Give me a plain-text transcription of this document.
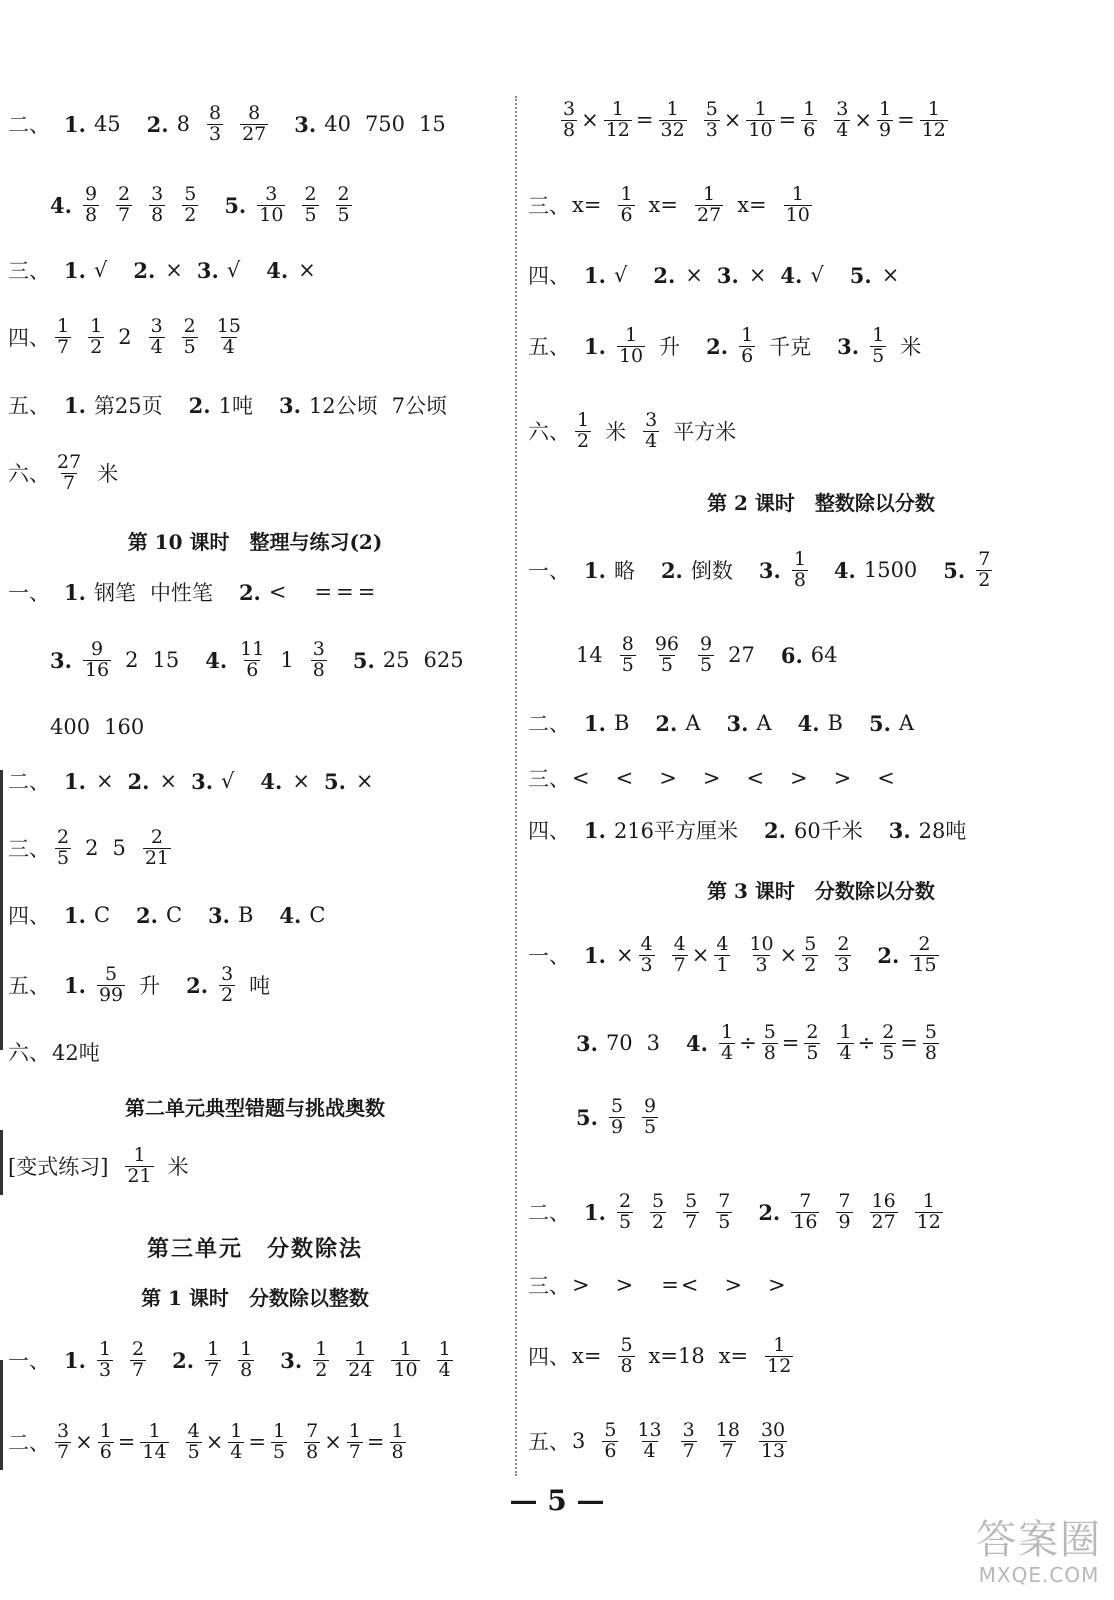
二、 1. 45 2. $8 \frac{8}{3} \frac{8}{27} 3$. 40 750 15
4. $\frac{9}{8} \frac{2}{7} \frac{3}{8} \frac{5}{2} 5$. $\frac{3}{10} \frac{2}{5} \frac{2}{5}$
三、 1. √ 2. × 3. √ 4. ×
四、 $\frac{1}{7} \frac{1}{2} 2 \frac{3}{4} \frac{2}{5} \frac{15}{4}$
五、 1. 第25页 2. 1吨 3. 12公顷 7公顷
六、 $\frac{27}{7}$ 米
第 10 课时　整理与练习(2)
一、 1. 钢笔 中性笔 2. < = = =
3. $\frac{9}{16} 2$ 15 4. $\frac{11}{6} 1 \frac{3}{8} 5$. 25 625
400 160
二、 1. × 2. × 3. √ 4. × 5. ×
三、 $\frac{2}{5} 2$ $5 \frac{2}{21}$
四、 1. C 2. C 3. B 4. C
五、 1. $\frac{5}{99}$ 升 2. $\frac{3}{2}$ 吨
六、 42吨
第二单元典型错题与挑战奥数
[变式练习] $\frac{1}{21}$ 米
第三单元　分数除法
第 1 课时　分数除以整数
一、 1. $\frac{1}{3} \frac{2}{7} 2$. $\frac{1}{7} \frac{1}{8} 3$. $\frac{1}{2} \frac{1}{24} \frac{1}{10} \frac{1}{4}$
二、 $\frac{3}{7} \times \frac{1}{6} = \frac{1}{14} \frac{4}{5} \times \frac{1}{4} = \frac{1}{5} \frac{7}{8} \times \frac{1}{7} = \frac{1}{8}$
$\frac{3}{8} \times \frac{1}{12} = \frac{1}{32} \frac{5}{3} \times \frac{1}{10} = \frac{1}{6} \frac{3}{4} \times \frac{1}{9} = \frac{1}{12}$
三、 $x= \frac{1}{6} x= \frac{1}{27} x= \frac{1}{10}$
四、 1. √ 2. × 3. × 4. √ 5. ×
五、 1. $\frac{1}{10}$ 升 2. $\frac{1}{6}$ 千克 3. $\frac{1}{5}$ 米
六、 $\frac{1}{2}$ 米 $\frac{3}{4}$ 平方米
第 2 课时　整数除以分数
一、 1. 略 2. 倒数 3. $\frac{1}{8} 4$. 1500 5. $\frac{7}{2}$
$14 \frac{8}{5} \frac{96}{5} \frac{9}{5} 27$ 6. 64
二、 1. B 2. A 3. A 4. B 5. A
三、 < < > > < > > <
四、 1. 216平方厘米 2. 60千米 3. 28吨
第 3 课时　分数除以分数
一、 1. × $\frac{4}{3} \frac{4}{7} \times \frac{4}{1} \frac{10}{3} \times \frac{5}{2} \frac{2}{3} 2$. $\frac{2}{15}$
3. 70 3 4. $\frac{1}{4} \div \frac{5}{8} = \frac{2}{5} \frac{1}{4} \div \frac{2}{5} = \frac{5}{8}$
5. $\frac{5}{9} \frac{9}{5}$
二、 1. $\frac{2}{5} \frac{5}{2} \frac{5}{7} \frac{7}{5} 2$. $\frac{7}{16} \frac{7}{9} \frac{16}{27} \frac{1}{12}$
三、 > > = < > >
四、 $x= \frac{5}{8} x=18$ $x= \frac{1}{12}$
五、 $3 \frac{5}{6} \frac{13}{4} \frac{3}{7} \frac{18}{7} \frac{30}{13}$
— 5 —
答案圈
MXQE.COM
